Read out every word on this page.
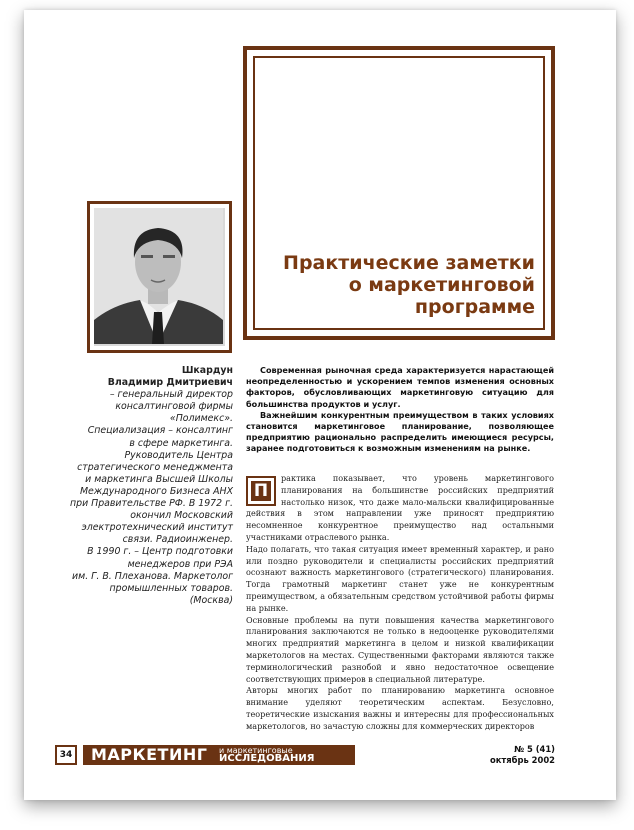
Практические заметки
о маркетинговой
программе
Шкардун
Владимир Дмитриевич
– генеральный директор
консалтинговой фирмы
«Полимекс».
Специализация – консалтинг
в сфере маркетинга.
Руководитель Центра
стратегического менеджмента
и маркетинга Высшей Школы
Международного Бизнеса АНХ
при Правительстве РФ. В 1972 г.
окончил Московский
электротехнический институт
связи. Радиоинженер.
В 1990 г. – Центр подготовки
менеджеров при РЭА
им. Г. В. Плеханова. Маркетолог
промышленных товаров.
(Москва)

Современная рыночная среда характеризуется нарастающей неопределенностью и ускорением темпов изменения основных факторов, обусловливающих маркетинговую ситуацию для большинства продуктов и услуг.

Важнейшим конкурентным преимуществом в таких условиях становится маркетинговое планирование, позволяющее предприятию рационально распределить имеющиеся ресурсы, заранее подготовиться к возможным изменениям на рынке.

П
рактика показывает, что уровень маркетингового планирования на большинстве российских предприятий настолько низок, что даже мало-мальски квалифицированные действия в этом направлении уже приносят предприятию несомненное конкурентное преимущество над остальными участниками отраслевого рынка.

Надо полагать, что такая ситуация имеет временный характер, и рано или поздно руководители и специалисты российских предприятий осознают важность маркетингового (стратегического) планирования. Тогда грамотный маркетинг станет уже не конкурентным преимуществом, а обязательным средством устойчивой работы фирмы на рынке.

Основные проблемы на пути повышения качества маркетингового планирования заключаются не только в недооценке руководителями многих предприятий маркетинга в целом и низкой квалификации маркетологов на местах. Существенными факторами являются также терминологический разнобой и явно недостаточное освещение соответствующих примеров в специальной литературе.

Авторы многих работ по планированию маркетинга основное внимание уделяют теоретическим аспектам. Безусловно, теоретические изыскания важны и интересны для профессиональных маркетологов, но зачастую сложны для коммерческих директоров

34 МАРКЕТИНГ и маркетинговые
ИССЛЕДОВАНИЯ
№ 5 (41)
октябрь 2002
